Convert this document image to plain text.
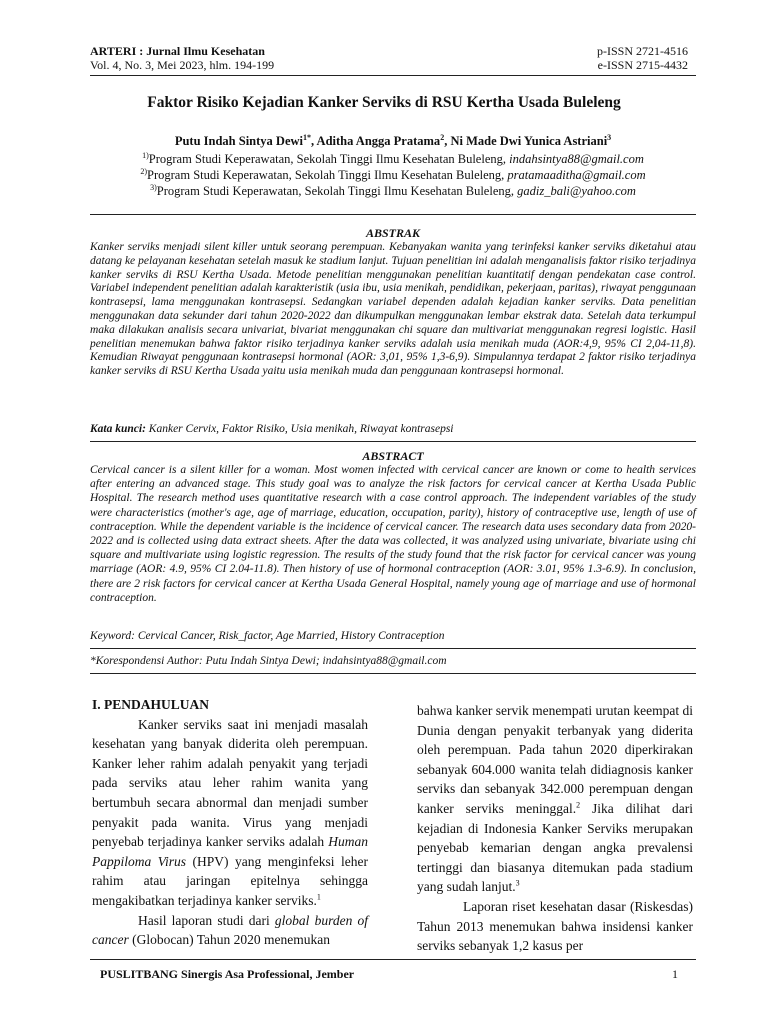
ARTERI : Jurnal Ilmu Kesehatan
Vol. 4, No. 3, Mei 2023, hlm. 194-199
p-ISSN 2721-4516
e-ISSN 2715-4432
Faktor Risiko Kejadian Kanker Serviks di RSU Kertha Usada Buleleng
Putu Indah Sintya Dewi$^{1*}$, Aditha Angga Pratama$^2$, Ni Made Dwi Yunica Astriani$^3$
$^{1)}$Program Studi Keperawatan, Sekolah Tinggi Ilmu Kesehatan Buleleng, indahsintya88@gmail.com
$^{2)}$Program Studi Keperawatan, Sekolah Tinggi Ilmu Kesehatan Buleleng, pratamaaditha@gmail.com
$^{3)}$Program Studi Keperawatan, Sekolah Tinggi Ilmu Kesehatan Buleleng, gadiz_bali@yahoo.com
ABSTRAK
Kanker serviks menjadi silent killer untuk seorang perempuan. Kebanyakan wanita yang terinfeksi kanker serviks diketahui atau datang ke pelayanan kesehatan setelah masuk ke stadium lanjut. Tujuan penelitian ini adalah menganalisis faktor risiko terjadinya kanker serviks di RSU Kertha Usada. Metode penelitian menggunakan penelitian kuantitatif dengan pendekatan case control. Variabel independent penelitian adalah karakteristik (usia ibu, usia menikah, pendidikan, pekerjaan, paritas), riwayat penggunaan kontrasepsi, lama menggunakan kontrasepsi. Sedangkan variabel dependen adalah kejadian kanker serviks. Data penelitian menggunakan data sekunder dari tahun 2020-2022 dan dikumpulkan menggunakan lembar ekstrak data. Setelah data terkumpul maka dilakukan analisis secara univariat, bivariat menggunakan chi square dan multivariat menggunakan regresi logistic. Hasil penelitian menemukan bahwa faktor risiko terjadinya kanker serviks adalah usia menikah muda (AOR:4,9, 95% CI 2,04-11,8). Kemudian Riwayat penggunaan kontrasepsi hormonal (AOR: 3,01, 95% 1,3-6,9). Simpulannya terdapat 2 faktor risiko terjadinya kanker serviks di RSU Kertha Usada yaitu usia menikah muda dan penggunaan kontrasepsi hormonal.
Kata kunci: Kanker Cervix, Faktor Risiko, Usia menikah, Riwayat kontrasepsi
ABSTRACT
Cervical cancer is a silent killer for a woman. Most women infected with cervical cancer are known or come to health services after entering an advanced stage. This study goal was to analyze the risk factors for cervical cancer at Kertha Usada Public Hospital. The research method uses quantitative research with a case control approach. The independent variables of the study were characteristics (mother's age, age of marriage, education, occupation, parity), history of contraceptive use, length of use of contraception. While the dependent variable is the incidence of cervical cancer. The research data uses secondary data from 2020-2022 and is collected using data extract sheets. After the data was collected, it was analyzed using univariate, bivariate using chi square and multivariate using logistic regression. The results of the study found that the risk factor for cervical cancer was young marriage (AOR: 4.9, 95% CI 2.04-11.8). Then history of use of hormonal contraception (AOR: 3.01, 95% 1.3-6.9). In conclusion, there are 2 risk factors for cervical cancer at Kertha Usada General Hospital, namely young age of marriage and use of hormonal contraception.
Keyword: Cervical Cancer, Risk_factor, Age Married, History Contraception
*Korespondensi Author: Putu Indah Sintya Dewi; indahsintya88@gmail.com
I. PENDAHULUAN

Kanker serviks saat ini menjadi masalah kesehatan yang banyak diderita oleh perempuan. Kanker leher rahim adalah penyakit yang terjadi pada serviks atau leher rahim wanita yang bertumbuh secara abnormal dan menjadi sumber penyakit pada wanita. Virus yang menjadi penyebab terjadinya kanker serviks adalah Human Pappiloma Virus (HPV) yang menginfeksi leher rahim atau jaringan epitelnya sehingga mengakibatkan terjadinya kanker serviks.$^1$

Hasil laporan studi dari global burden of cancer (Globocan) Tahun 2020 menemukan

bahwa kanker servik menempati urutan keempat di Dunia dengan penyakit terbanyak yang diderita oleh perempuan. Pada tahun 2020 diperkirakan sebanyak 604.000 wanita telah didiagnosis kanker serviks dan sebanyak 342.000 perempuan dengan kanker serviks meninggal.$^2$ Jika dilihat dari kejadian di Indonesia Kanker Serviks merupakan penyebab kemarian dengan angka prevalensi tertinggi dan biasanya ditemukan pada stadium yang sudah lanjut.$^3$

Laporan riset kesehatan dasar (Riskesdas) Tahun 2013 menemukan bahwa insidensi kanker serviks sebanyak 1,2 kasus per

PUSLITBANG Sinergis Asa Professional, Jember	1
